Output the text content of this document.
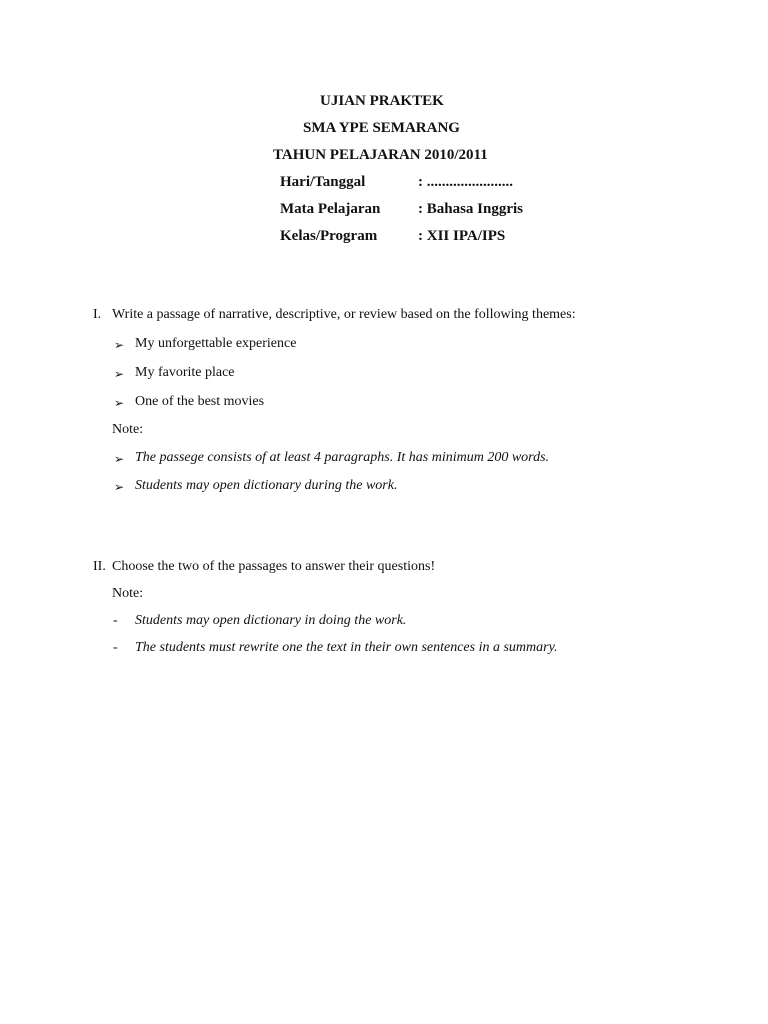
UJIAN PRAKTEK
SMA YPE SEMARANG
TAHUN PELAJARAN 2010/2011
Hari/Tanggal	: .......................
Mata Pelajaran	: Bahasa Inggris
Kelas/Program	: XII IPA/IPS
I. Write a passage of narrative, descriptive, or review based on the following themes:
➢ My unforgettable experience
➢ My favorite place
➢ One of the best movies
Note:
➢ The passege consists of at least 4 paragraphs. It has minimum 200 words.
➢ Students may open dictionary during the work.
II. Choose the two of the passages to answer their questions!
Note:
- Students may open dictionary in doing the work.
- The students must rewrite one the text in their own sentences in a summary.
